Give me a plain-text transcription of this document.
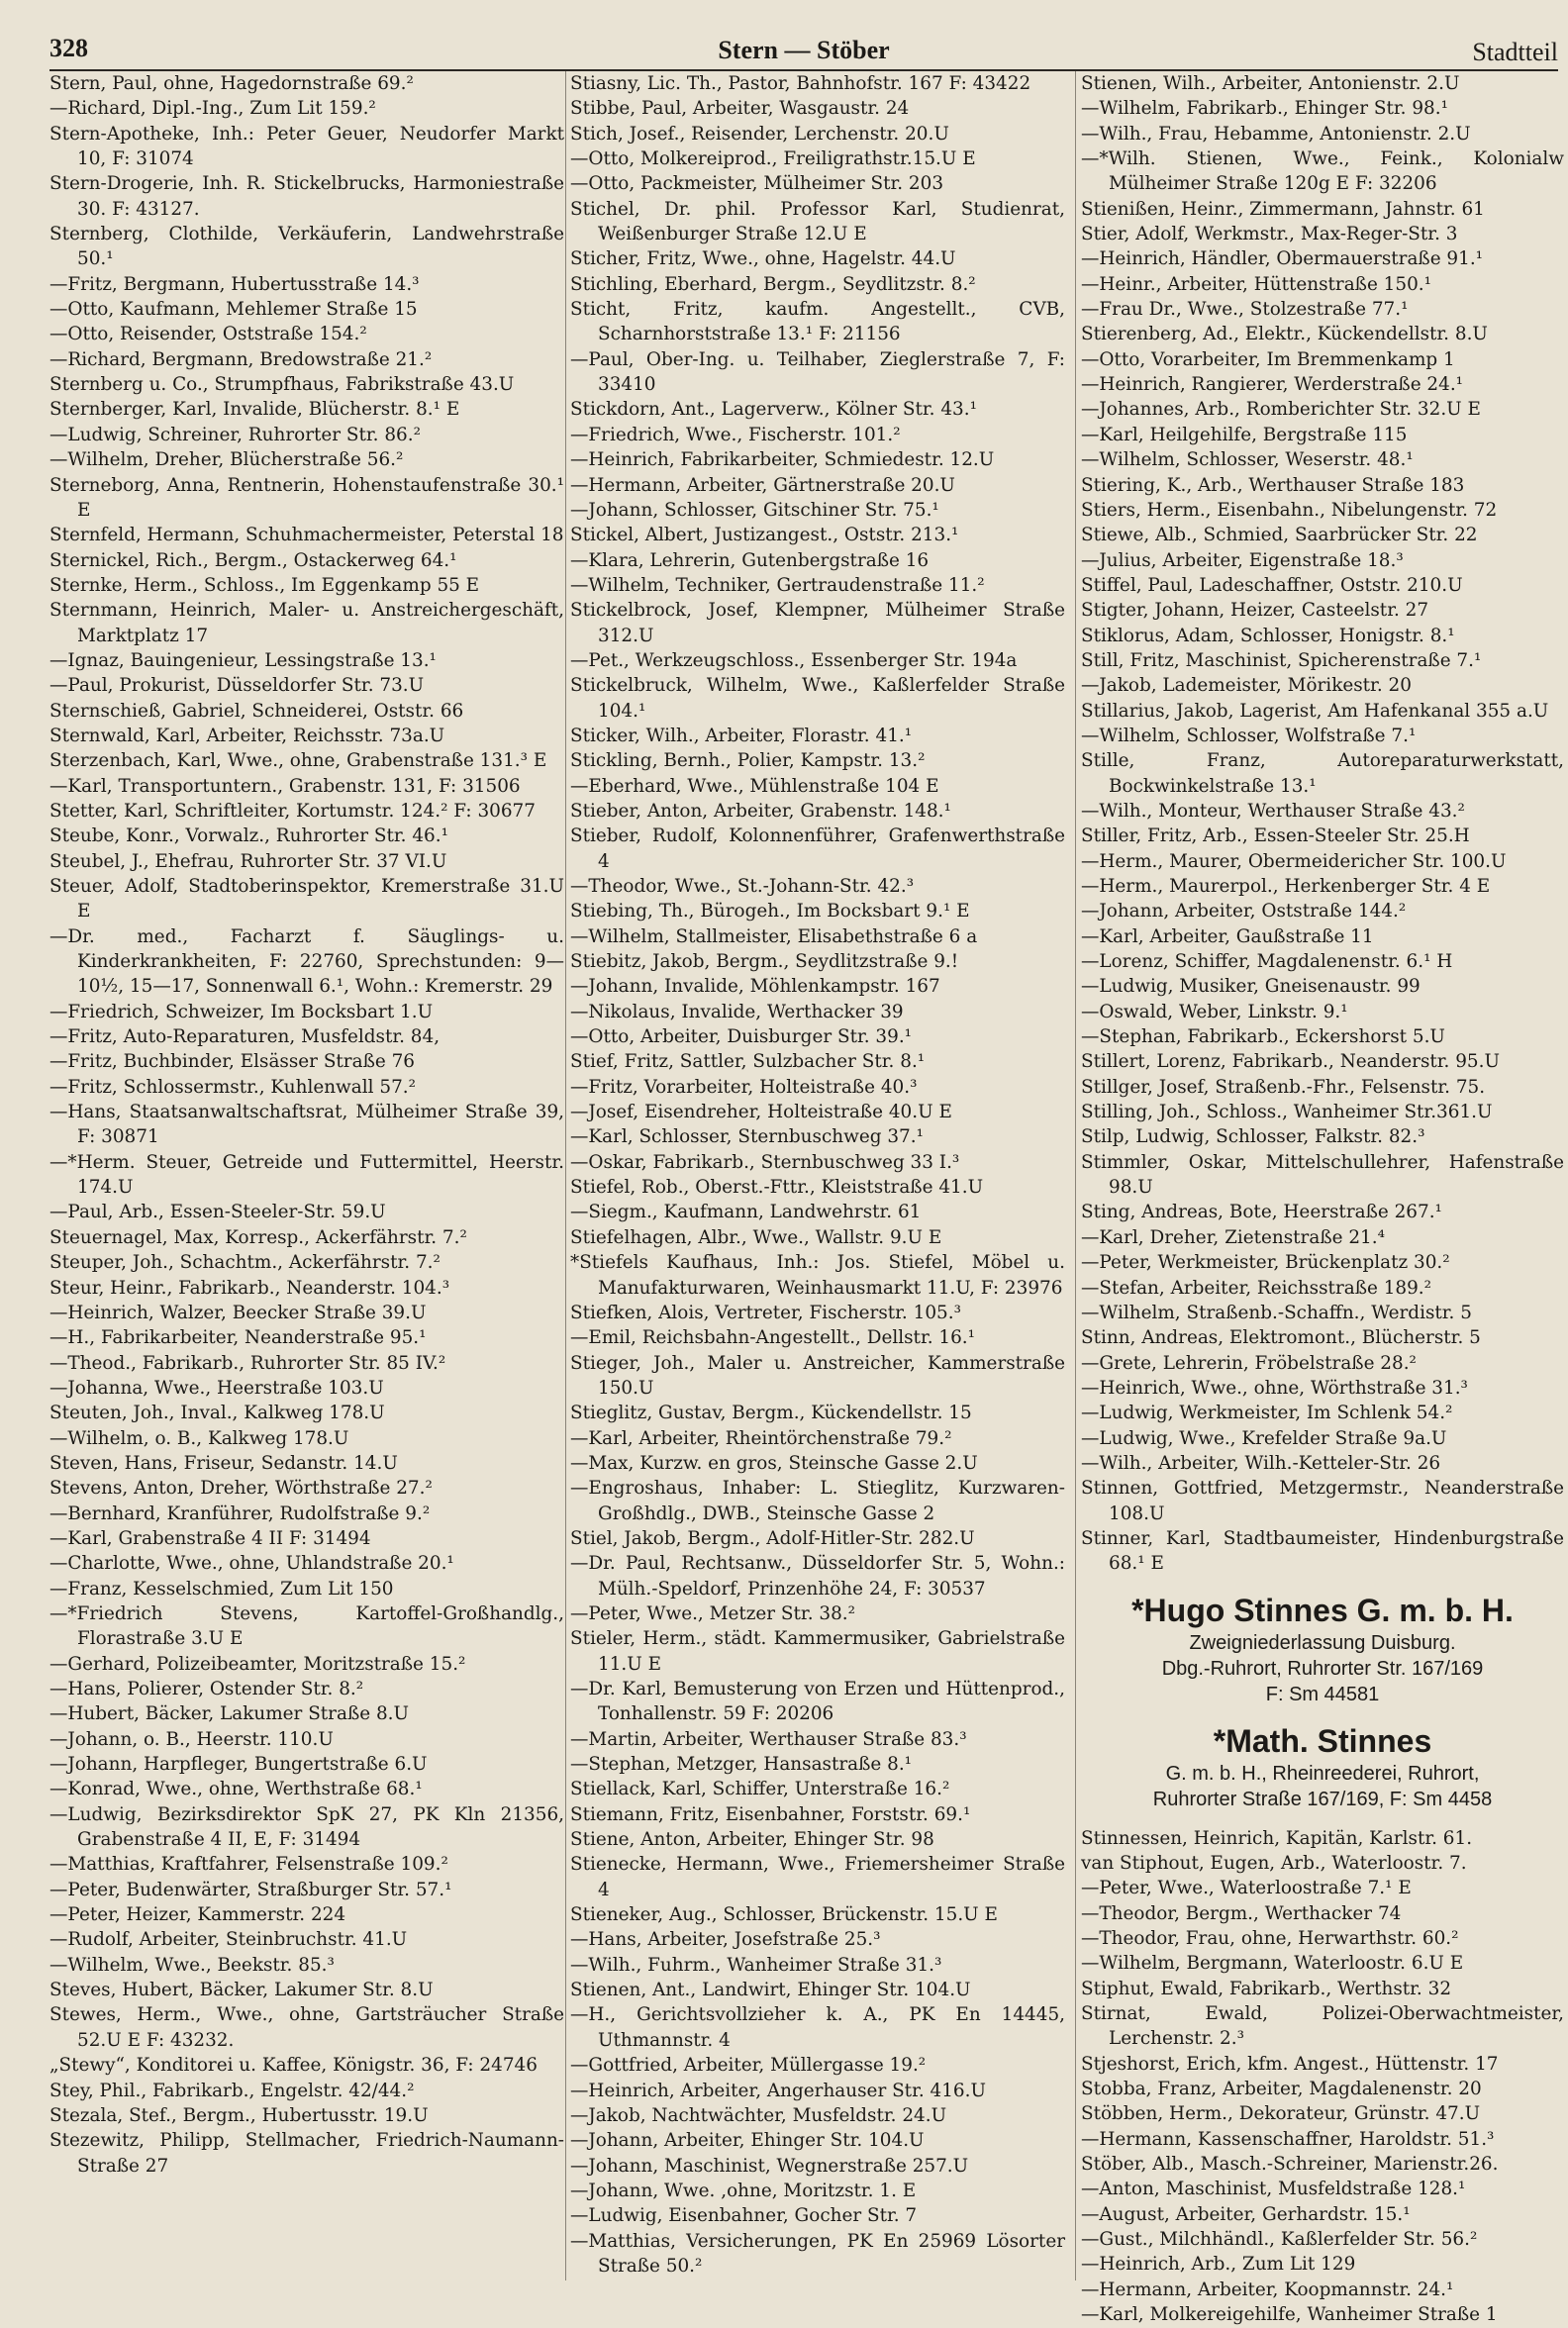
328	Stern — Stöber	Stadtteil
Stern, Paul, ohne, Hagedornstraße 69.²
—Richard, Dipl.-Ing., Zum Lit 159.²
Stern-Apotheke, Inh.: Peter Geuer, Neudorfer Markt 10, F: 31074
Stern-Drogerie, Inh. R. Stickelbrucks, Harmoniestraße 30. F: 43127.
Sternberg, Clothilde, Verkäuferin, Landwehrstraße 50.¹
—Fritz, Bergmann, Hubertusstraße 14.³
—Otto, Kaufmann, Mehlemer Straße 15
—Otto, Reisender, Oststraße 154.²
—Richard, Bergmann, Bredowstraße 21.²
Sternberg u. Co., Strumpfhaus, Fabrikstraße 43.U
Sternberger, Karl, Invalide, Blücherstr. 8.¹ E
—Ludwig, Schreiner, Ruhrorter Str. 86.²
—Wilhelm, Dreher, Blücherstraße 56.²
Sterneborg, Anna, Rentnerin, Hohenstaufenstraße 30.¹ E
Sternfeld, Hermann, Schuhmachermeister, Peterstal 18
Sternickel, Rich., Bergm., Ostackerweg 64.¹
Sternke, Herm., Schloss., Im Eggenkamp 55 E
Sternmann, Heinrich, Maler- u. Anstreichergeschäft, Marktplatz 17
—Ignaz, Bauingenieur, Lessingstraße 13.¹
—Paul, Prokurist, Düsseldorfer Str. 73.U
Sternschieß, Gabriel, Schneiderei, Oststr. 66
Sternwald, Karl, Arbeiter, Reichsstr. 73a.U
Sterzenbach, Karl, Wwe., ohne, Grabenstraße 131.³ E
—Karl, Transportuntern., Grabenstr. 131, F: 31506
Stetter, Karl, Schriftleiter, Kortumstr. 124.² F: 30677
Steube, Konr., Vorwalz., Ruhrorter Str. 46.¹
Steubel, J., Ehefrau, Ruhrorter Str. 37 VI.U
Steuer, Adolf, Stadtoberinspektor, Kremerstraße 31.U E
—Dr. med., Facharzt f. Säuglings- u. Kinderkrankheiten, F: 22760, Sprechstunden: 9—10½, 15—17, Sonnenwall 6.¹, Wohn.: Kremerstr. 29
—Friedrich, Schweizer, Im Bocksbart 1.U
—Fritz, Auto-Reparaturen, Musfeldstr. 84,
—Fritz, Buchbinder, Elsässer Straße 76
—Fritz, Schlossermstr., Kuhlenwall 57.²
—Hans, Staatsanwaltschaftsrat, Mülheimer Straße 39, F: 30871
—*Herm. Steuer, Getreide und Futtermittel, Heerstr. 174.U
—Paul, Arb., Essen-Steeler-Str. 59.U
Steuernagel, Max, Korresp., Ackerfährstr. 7.²
Steuper, Joh., Schachtm., Ackerfährstr. 7.²
Steur, Heinr., Fabrikarb., Neanderstr. 104.³
—Heinrich, Walzer, Beecker Straße 39.U
—H., Fabrikarbeiter, Neanderstraße 95.¹
—Theod., Fabrikarb., Ruhrorter Str. 85 IV.²
—Johanna, Wwe., Heerstraße 103.U
Steuten, Joh., Inval., Kalkweg 178.U
—Wilhelm, o. B., Kalkweg 178.U
Steven, Hans, Friseur, Sedanstr. 14.U
Stevens, Anton, Dreher, Wörthstraße 27.²
—Bernhard, Kranführer, Rudolfstraße 9.²
—Karl, Grabenstraße 4 II F: 31494
—Charlotte, Wwe., ohne, Uhlandstraße 20.¹
—Franz, Kesselschmied, Zum Lit 150
—*Friedrich Stevens, Kartoffel-Großhandlg., Florastraße 3.U E
—Gerhard, Polizeibeamter, Moritzstraße 15.²
—Hans, Polierer, Ostender Str. 8.²
—Hubert, Bäcker, Lakumer Straße 8.U
—Johann, o. B., Heerstr. 110.U
—Johann, Harpfleger, Bungertstraße 6.U
—Konrad, Wwe., ohne, Werthstraße 68.¹
—Ludwig, Bezirksdirektor SpK 27, PK Kln 21356, Grabenstraße 4 II, E, F: 31494
—Matthias, Kraftfahrer, Felsenstraße 109.²
—Peter, Budenwärter, Straßburger Str. 57.¹
—Peter, Heizer, Kammerstr. 224
—Rudolf, Arbeiter, Steinbruchstr. 41.U
—Wilhelm, Wwe., Beekstr. 85.³
Steves, Hubert, Bäcker, Lakumer Str. 8.U
Stewes, Herm., Wwe., ohne, Gartsträucher Straße 52.U E F: 43232.
„Stewy“, Konditorei u. Kaffee, Königstr. 36, F: 24746
Stey, Phil., Fabrikarb., Engelstr. 42/44.²
Stezala, Stef., Bergm., Hubertusstr. 19.U
Stezewitz, Philipp, Stellmacher, Friedrich-Naumann-Straße 27
Stiasny, Lic. Th., Pastor, Bahnhofstr. 167 F: 43422
Stibbe, Paul, Arbeiter, Wasgaustr. 24
Stich, Josef., Reisender, Lerchenstr. 20.U
—Otto, Molkereiprod., Freiligrathstr.15.U E
—Otto, Packmeister, Mülheimer Str. 203
Stichel, Dr. phil. Professor Karl, Studienrat, Weißenburger Straße 12.U E
Sticher, Fritz, Wwe., ohne, Hagelstr. 44.U
Stichling, Eberhard, Bergm., Seydlitzstr. 8.²
Sticht, Fritz, kaufm. Angestellt., CVB, Scharnhorststraße 13.¹ F: 21156
—Paul, Ober-Ing. u. Teilhaber, Zieglerstraße 7, F: 33410
Stickdorn, Ant., Lagerverw., Kölner Str. 43.¹
—Friedrich, Wwe., Fischerstr. 101.²
—Heinrich, Fabrikarbeiter, Schmiedestr. 12.U
—Hermann, Arbeiter, Gärtnerstraße 20.U
—Johann, Schlosser, Gitschiner Str. 75.¹
Stickel, Albert, Justizangest., Oststr. 213.¹
—Klara, Lehrerin, Gutenbergstraße 16
—Wilhelm, Techniker, Gertraudenstraße 11.²
Stickelbrock, Josef, Klempner, Mülheimer Straße 312.U
—Pet., Werkzeugschloss., Essenberger Str. 194a
Stickelbruck, Wilhelm, Wwe., Kaßlerfelder Straße 104.¹
Sticker, Wilh., Arbeiter, Florastr. 41.¹
Stickling, Bernh., Polier, Kampstr. 13.²
—Eberhard, Wwe., Mühlenstraße 104 E
Stieber, Anton, Arbeiter, Grabenstr. 148.¹
Stieber, Rudolf, Kolonnenführer, Grafenwerthstraße 4
—Theodor, Wwe., St.-Johann-Str. 42.³
Stiebing, Th., Bürogeh., Im Bocksbart 9.¹ E
—Wilhelm, Stallmeister, Elisabethstraße 6 a
Stiebitz, Jakob, Bergm., Seydlitzstraße 9.!
—Johann, Invalide, Möhlenkampstr. 167
—Nikolaus, Invalide, Werthacker 39
—Otto, Arbeiter, Duisburger Str. 39.¹
Stief, Fritz, Sattler, Sulzbacher Str. 8.¹
—Fritz, Vorarbeiter, Holteistraße 40.³
—Josef, Eisendreher, Holteistraße 40.U E
—Karl, Schlosser, Sternbuschweg 37.¹
—Oskar, Fabrikarb., Sternbuschweg 33 I.³
Stiefel, Rob., Oberst.-Fttr., Kleiststraße 41.U
—Siegm., Kaufmann, Landwehrstr. 61
Stiefelhagen, Albr., Wwe., Wallstr. 9.U E
*Stiefels Kaufhaus, Inh.: Jos. Stiefel, Möbel u. Manufakturwaren, Weinhausmarkt 11.U, F: 23976
Stiefken, Alois, Vertreter, Fischerstr. 105.³
—Emil, Reichsbahn-Angestellt., Dellstr. 16.¹
Stieger, Joh., Maler u. Anstreicher, Kammerstraße 150.U
Stieglitz, Gustav, Bergm., Kückendellstr. 15
—Karl, Arbeiter, Rheintörchenstraße 79.²
—Max, Kurzw. en gros, Steinsche Gasse 2.U
—Engroshaus, Inhaber: L. Stieglitz, Kurzwaren-Großhdlg., DWB., Steinsche Gasse 2
Stiel, Jakob, Bergm., Adolf-Hitler-Str. 282.U
—Dr. Paul, Rechtsanw., Düsseldorfer Str. 5, Wohn.: Mülh.-Speldorf, Prinzenhöhe 24, F: 30537
—Peter, Wwe., Metzer Str. 38.²
Stieler, Herm., städt. Kammermusiker, Gabrielstraße 11.U E
—Dr. Karl, Bemusterung von Erzen und Hüttenprod., Tonhallenstr. 59 F: 20206
—Martin, Arbeiter, Werthauser Straße 83.³
—Stephan, Metzger, Hansastraße 8.¹
Stiellack, Karl, Schiffer, Unterstraße 16.²
Stiemann, Fritz, Eisenbahner, Forststr. 69.¹
Stiene, Anton, Arbeiter, Ehinger Str. 98
Stienecke, Hermann, Wwe., Friemersheimer Straße 4
Stieneker, Aug., Schlosser, Brückenstr. 15.U E
—Hans, Arbeiter, Josefstraße 25.³
—Wilh., Fuhrm., Wanheimer Straße 31.³
Stienen, Ant., Landwirt, Ehinger Str. 104.U
—H., Gerichtsvollzieher k. A., PK En 14445, Uthmannstr. 4
—Gottfried, Arbeiter, Müllergasse 19.²
—Heinrich, Arbeiter, Angerhauser Str. 416.U
—Jakob, Nachtwächter, Musfeldstr. 24.U
—Johann, Arbeiter, Ehinger Str. 104.U
—Johann, Maschinist, Wegnerstraße 257.U
—Johann, Wwe. ,ohne, Moritzstr. 1. E
—Ludwig, Eisenbahner, Gocher Str. 7
—Matthias, Versicherungen, PK En 25969 Lösorter Straße 50.²
Stienen, Wilh., Arbeiter, Antonienstr. 2.U
—Wilhelm, Fabrikarb., Ehinger Str. 98.¹
—Wilh., Frau, Hebamme, Antonienstr. 2.U
—*Wilh. Stienen, Wwe., Feink., Kolonialw Mülheimer Straße 120g E F: 32206
Stienißen, Heinr., Zimmermann, Jahnstr. 61
Stier, Adolf, Werkmstr., Max-Reger-Str. 3
—Heinrich, Händler, Obermauerstraße 91.¹
—Heinr., Arbeiter, Hüttenstraße 150.¹
—Frau Dr., Wwe., Stolzestraße 77.¹
Stierenberg, Ad., Elektr., Kückendellstr. 8.U
—Otto, Vorarbeiter, Im Bremmenkamp 1
—Heinrich, Rangierer, Werderstraße 24.¹
—Johannes, Arb., Romberichter Str. 32.U E
—Karl, Heilgehilfe, Bergstraße 115
—Wilhelm, Schlosser, Weserstr. 48.¹
Stiering, K., Arb., Werthauser Straße 183
Stiers, Herm., Eisenbahn., Nibelungenstr. 72
Stiewe, Alb., Schmied, Saarbrücker Str. 22
—Julius, Arbeiter, Eigenstraße 18.³
Stiffel, Paul, Ladeschaffner, Oststr. 210.U
Stigter, Johann, Heizer, Casteelstr. 27
Stiklorus, Adam, Schlosser, Honigstr. 8.¹
Still, Fritz, Maschinist, Spicherenstraße 7.¹
—Jakob, Lademeister, Mörikestr. 20
Stillarius, Jakob, Lagerist, Am Hafenkanal 355 a.U
—Wilhelm, Schlosser, Wolfstraße 7.¹
Stille, Franz, Autoreparaturwerkstatt, Bockwinkelstraße 13.¹
—Wilh., Monteur, Werthauser Straße 43.²
Stiller, Fritz, Arb., Essen-Steeler Str. 25.H
—Herm., Maurer, Obermeidericher Str. 100.U
—Herm., Maurerpol., Herkenberger Str. 4 E
—Johann, Arbeiter, Oststraße 144.²
—Karl, Arbeiter, Gaußstraße 11
—Lorenz, Schiffer, Magdalenenstr. 6.¹ H
—Ludwig, Musiker, Gneisenaustr. 99
—Oswald, Weber, Linkstr. 9.¹
—Stephan, Fabrikarb., Eckershorst 5.U
Stillert, Lorenz, Fabrikarb., Neanderstr. 95.U
Stillger, Josef, Straßenb.-Fhr., Felsenstr. 75.
Stilling, Joh., Schloss., Wanheimer Str.361.U
Stilp, Ludwig, Schlosser, Falkstr. 82.³
Stimmler, Oskar, Mittelschullehrer, Hafenstraße 98.U
Sting, Andreas, Bote, Heerstraße 267.¹
—Karl, Dreher, Zietenstraße 21.⁴
—Peter, Werkmeister, Brückenplatz 30.²
—Stefan, Arbeiter, Reichsstraße 189.²
—Wilhelm, Straßenb.-Schaffn., Werdistr. 5
Stinn, Andreas, Elektromont., Blücherstr. 5
—Grete, Lehrerin, Fröbelstraße 28.²
—Heinrich, Wwe., ohne, Wörthstraße 31.³
—Ludwig, Werkmeister, Im Schlenk 54.²
—Ludwig, Wwe., Krefelder Straße 9a.U
—Wilh., Arbeiter, Wilh.-Ketteler-Str. 26
Stinnen, Gottfried, Metzgermstr., Neanderstraße 108.U
Stinner, Karl, Stadtbaumeister, Hindenburgstraße 68.¹ E
*Hugo Stinnes G. m. b. H.
Zweigniederlassung Duisburg.
Dbg.-Ruhrort, Ruhrorter Str. 167/169
F: Sm 44581
*Math. Stinnes
G. m. b. H., Rheinreederei, Ruhrort,
Ruhrorter Straße 167/169, F: Sm 4458
Stinnessen, Heinrich, Kapitän, Karlstr. 61.
van Stiphout, Eugen, Arb., Waterloostr. 7.
—Peter, Wwe., Waterloostraße 7.¹ E
—Theodor, Bergm., Werthacker 74
—Theodor, Frau, ohne, Herwarthstr. 60.²
—Wilhelm, Bergmann, Waterloostr. 6.U E
Stiphut, Ewald, Fabrikarb., Werthstr. 32
Stirnat, Ewald, Polizei-Oberwachtmeister, Lerchenstr. 2.³
Stjeshorst, Erich, kfm. Angest., Hüttenstr. 17
Stobba, Franz, Arbeiter, Magdalenenstr. 20
Stöbben, Herm., Dekorateur, Grünstr. 47.U
—Hermann, Kassenschaffner, Haroldstr. 51.³
Stöber, Alb., Masch.-Schreiner, Marienstr.26.
—Anton, Maschinist, Musfeldstraße 128.¹
—August, Arbeiter, Gerhardstr. 15.¹
—Gust., Milchhändl., Kaßlerfelder Str. 56.²
—Heinrich, Arb., Zum Lit 129
—Hermann, Arbeiter, Koopmannstr. 24.¹
—Karl, Molkereigehilfe, Wanheimer Straße 1
